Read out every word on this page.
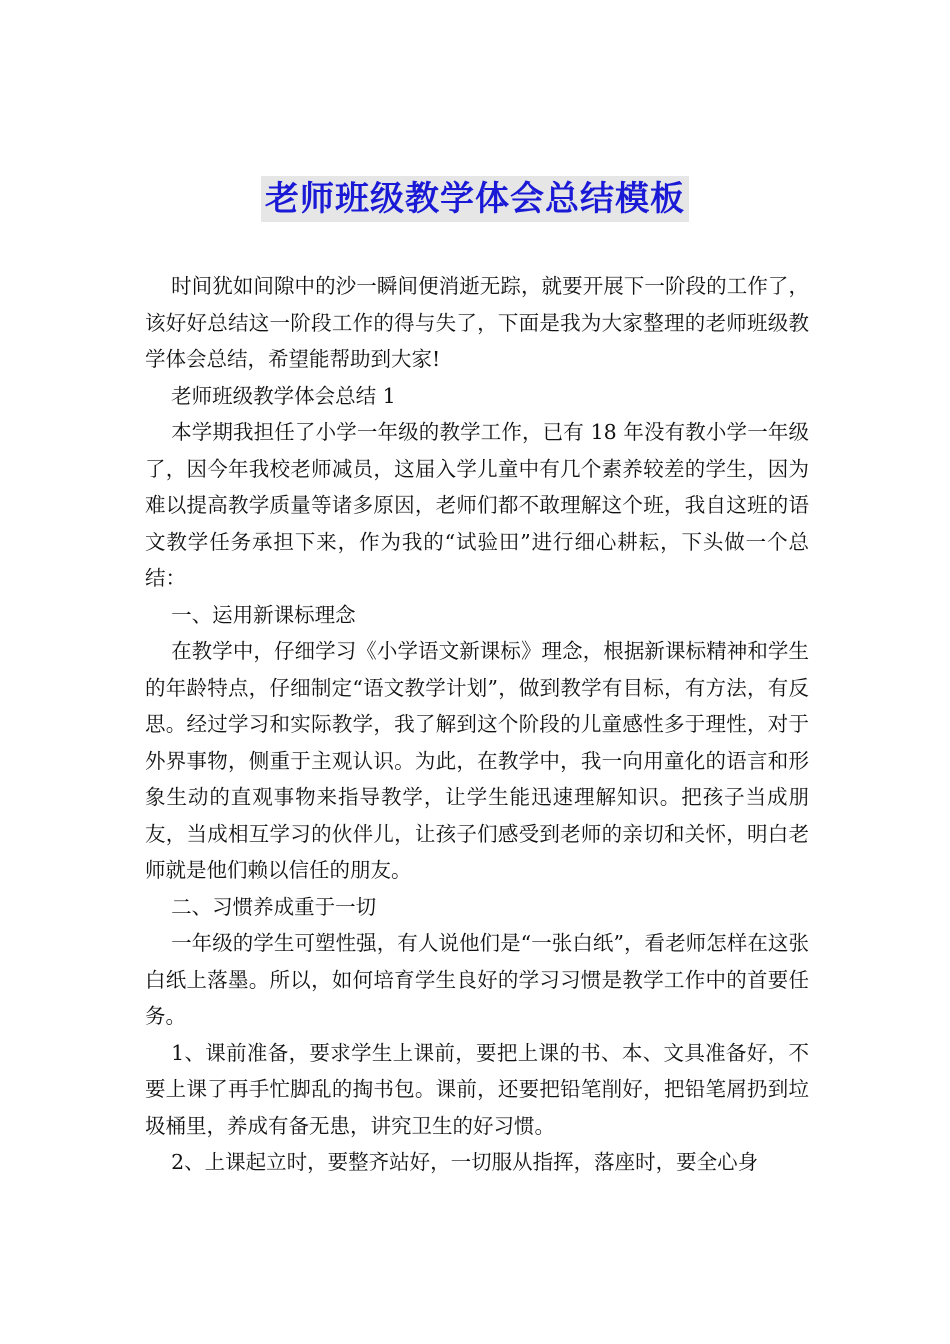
老师班级教学体会总结模板

时间犹如间隙中的沙一瞬间便消逝无踪，就要开展下一阶段的工作了，该好好总结这一阶段工作的得与失了，下面是我为大家整理的老师班级教学体会总结，希望能帮助到大家!

老师班级教学体会总结 1

本学期我担任了小学一年级的教学工作，已有 18 年没有教小学一年级了，因今年我校老师减员，这届入学儿童中有几个素养较差的学生，因为难以提高教学质量等诸多原因，老师们都不敢理解这个班，我自这班的语文教学任务承担下来，作为我的“试验田”进行细心耕耘，下头做一个总结：

一、运用新课标理念

在教学中，仔细学习《小学语文新课标》理念，根据新课标精神和学生的年龄特点，仔细制定“语文教学计划”，做到教学有目标，有方法，有反思。经过学习和实际教学，我了解到这个阶段的儿童感性多于理性，对于外界事物，侧重于主观认识。为此，在教学中，我一向用童化的语言和形象生动的直观事物来指导教学，让学生能迅速理解知识。把孩子当成朋友，当成相互学习的伙伴儿，让孩子们感受到老师的亲切和关怀，明白老师就是他们赖以信任的朋友。

二、习惯养成重于一切

一年级的学生可塑性强，有人说他们是“一张白纸”，看老师怎样在这张白纸上落墨。所以，如何培育学生良好的学习习惯是教学工作中的首要任务。

1、课前准备，要求学生上课前，要把上课的书、本、文具准备好，不要上课了再手忙脚乱的掏书包。课前，还要把铅笔削好，把铅笔屑扔到垃圾桶里，养成有备无患，讲究卫生的好习惯。

2、上课起立时，要整齐站好，一切服从指挥，落座时，要全心身
